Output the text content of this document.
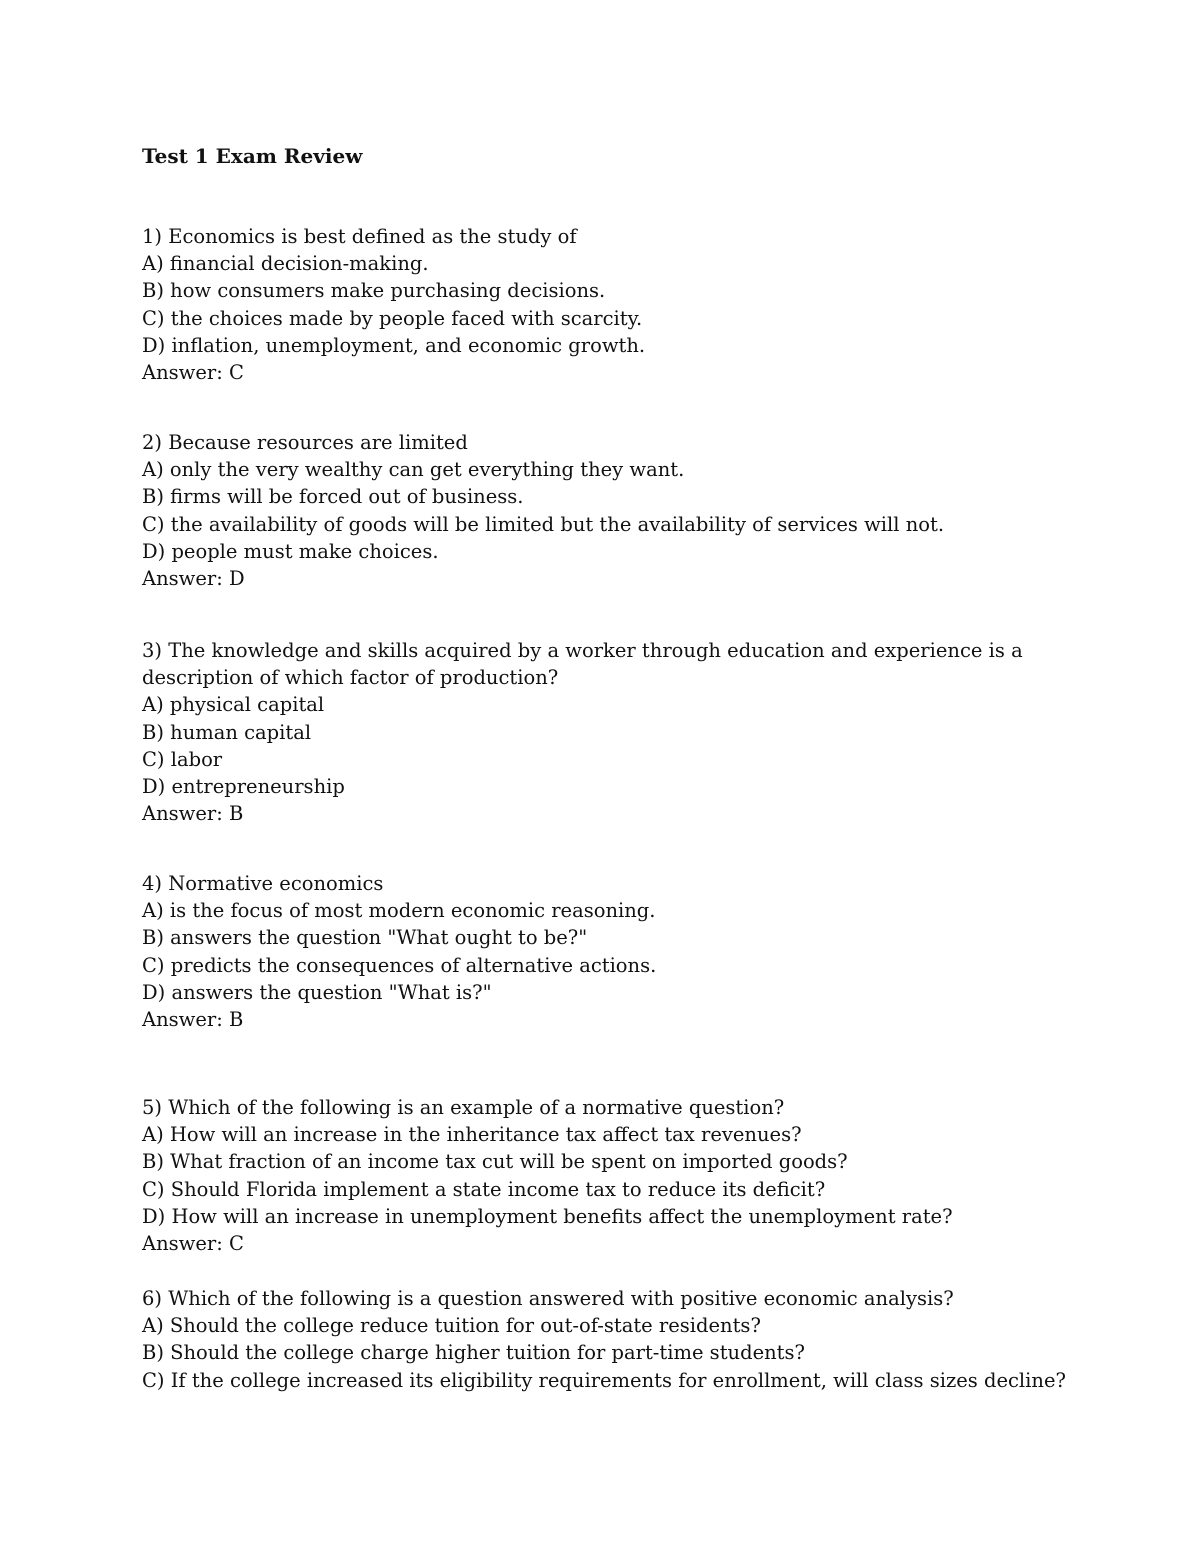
Test 1 Exam Review
1) Economics is best defined as the study of
A) financial decision-making.
B) how consumers make purchasing decisions.
C) the choices made by people faced with scarcity.
D) inflation, unemployment, and economic growth.
Answer: C
2) Because resources are limited
A) only the very wealthy can get everything they want.
B) firms will be forced out of business.
C) the availability of goods will be limited but the availability of services will not.
D) people must make choices.
Answer: D
3) The knowledge and skills acquired by a worker through education and experience is a
description of which factor of production?
A) physical capital
B) human capital
C) labor
D) entrepreneurship
Answer: B
4) Normative economics
A) is the focus of most modern economic reasoning.
B) answers the question "What ought to be?"
C) predicts the consequences of alternative actions.
D) answers the question "What is?"
Answer: B
5) Which of the following is an example of a normative question?
A) How will an increase in the inheritance tax affect tax revenues?
B) What fraction of an income tax cut will be spent on imported goods?
C) Should Florida implement a state income tax to reduce its deficit?
D) How will an increase in unemployment benefits affect the unemployment rate?
Answer: C
6) Which of the following is a question answered with positive economic analysis?
A) Should the college reduce tuition for out-of-state residents?
B) Should the college charge higher tuition for part-time students?
C) If the college increased its eligibility requirements for enrollment, will class sizes decline?
